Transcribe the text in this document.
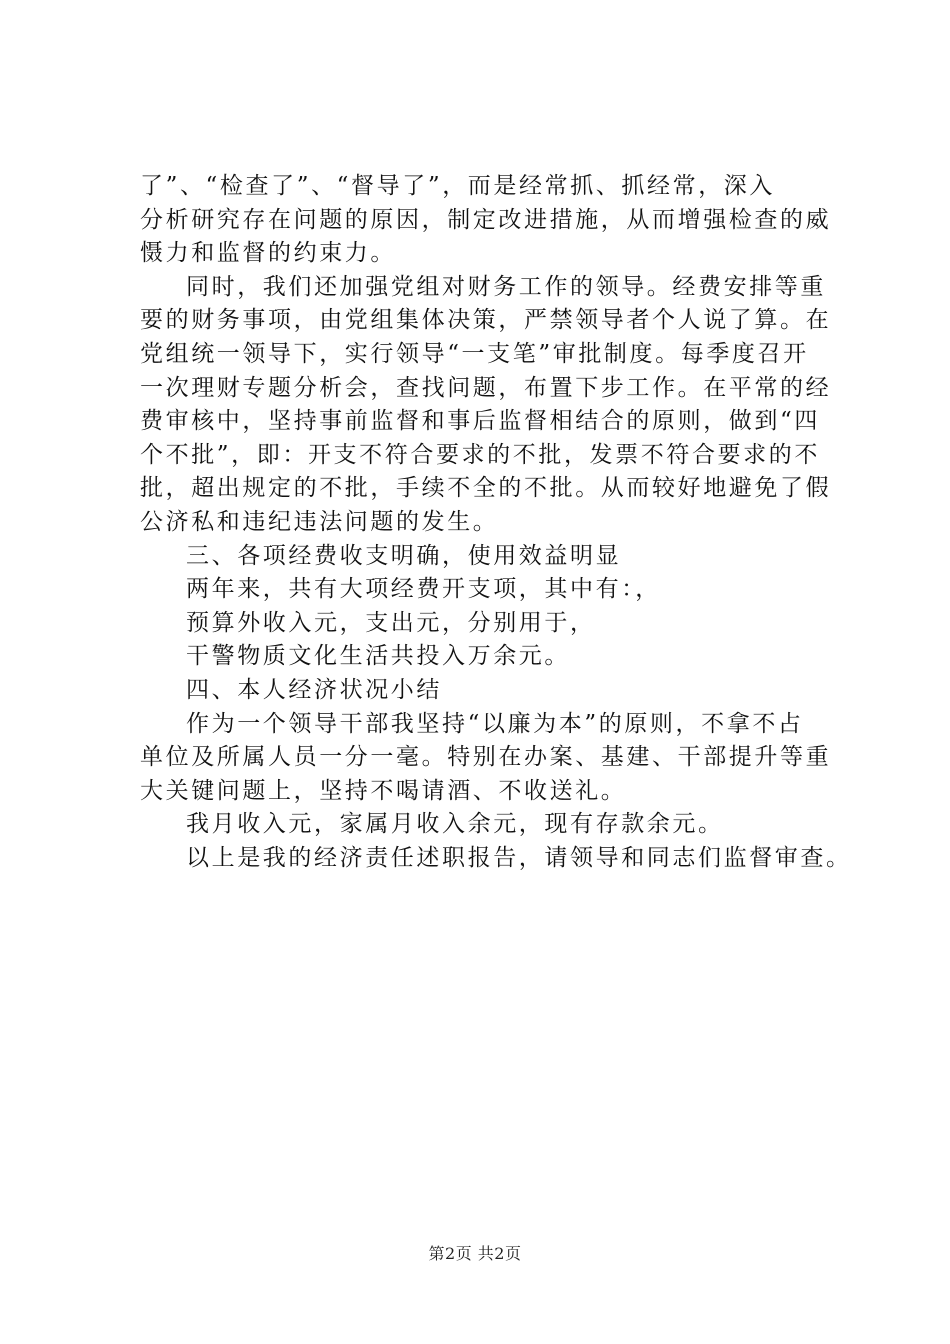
了”、“检查了”、“督导了”，而是经常抓、抓经常，深入
分析研究存在问题的原因，制定改进措施，从而增强检查的威
慑力和监督的约束力。
同时，我们还加强党组对财务工作的领导。经费安排等重
要的财务事项，由党组集体决策，严禁领导者个人说了算。在
党组统一领导下，实行领导“一支笔”审批制度。每季度召开
一次理财专题分析会，查找问题，布置下步工作。在平常的经
费审核中，坚持事前监督和事后监督相结合的原则，做到“四
个不批”，即：开支不符合要求的不批，发票不符合要求的不
批，超出规定的不批，手续不全的不批。从而较好地避免了假
公济私和违纪违法问题的发生。
三、各项经费收支明确，使用效益明显
两年来，共有大项经费开支项，其中有：，
预算外收入元，支出元，分别用于，
干警物质文化生活共投入万余元。
四、本人经济状况小结
作为一个领导干部我坚持“以廉为本”的原则，不拿不占
单位及所属人员一分一毫。特别在办案、基建、干部提升等重
大关键问题上，坚持不喝请酒、不收送礼。
我月收入元，家属月收入余元，现有存款余元。
以上是我的经济责任述职报告，请领导和同志们监督审查。
第2页 共2页
